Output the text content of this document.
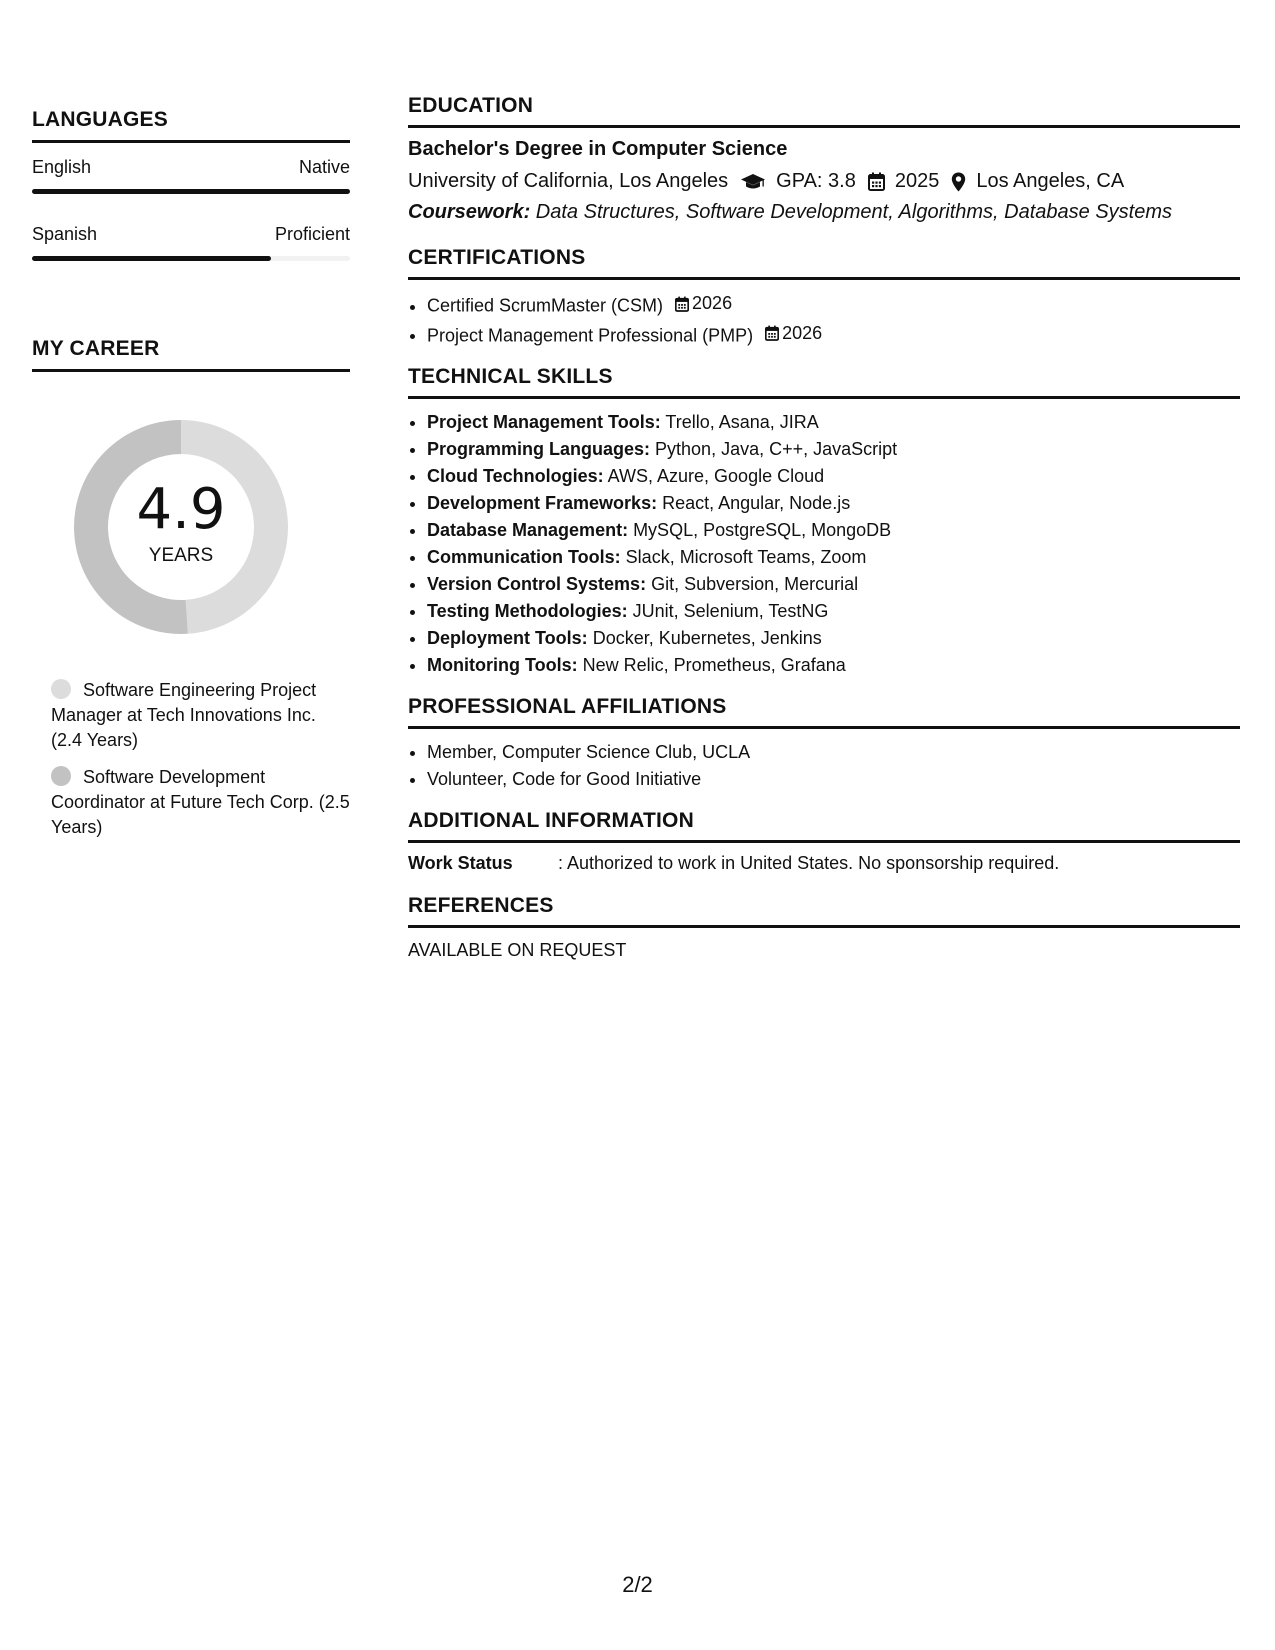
LANGUAGES
English	Native
Spanish	Proficient
MY CAREER
4.9
YEARS
Software Engineering Project Manager at Tech Innovations Inc. (2.4 Years)
Software Development Coordinator at Future Tech Corp. (2.5 Years)
EDUCATION
Bachelor's Degree in Computer Science
University of California, Los Angeles GPA: 3.8 2025 Los Angeles, CA
Coursework: Data Structures, Software Development, Algorithms, Database Systems
CERTIFICATIONS
• Certified ScrumMaster (CSM) 2026
• Project Management Professional (PMP) 2026
TECHNICAL SKILLS
• Project Management Tools: Trello, Asana, JIRA
• Programming Languages: Python, Java, C++, JavaScript
• Cloud Technologies: AWS, Azure, Google Cloud
• Development Frameworks: React, Angular, Node.js
• Database Management: MySQL, PostgreSQL, MongoDB
• Communication Tools: Slack, Microsoft Teams, Zoom
• Version Control Systems: Git, Subversion, Mercurial
• Testing Methodologies: JUnit, Selenium, TestNG
• Deployment Tools: Docker, Kubernetes, Jenkins
• Monitoring Tools: New Relic, Prometheus, Grafana
PROFESSIONAL AFFILIATIONS
• Member, Computer Science Club, UCLA
• Volunteer, Code for Good Initiative
ADDITIONAL INFORMATION
Work Status	: Authorized to work in United States. No sponsorship required.
REFERENCES
AVAILABLE ON REQUEST
2/2
